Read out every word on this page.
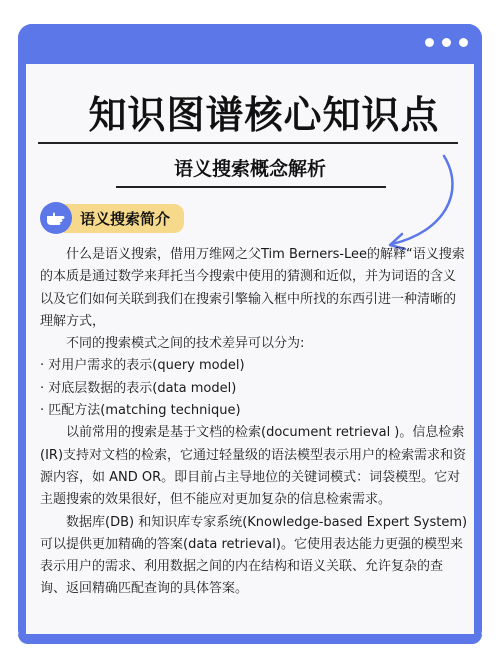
知识图谱核心知识点
语义搜索概念解析
语义搜索简介

什么是语义搜索，借用万维网之父Tim Berners-Lee的解释“语义搜索的本质是通过数学来拜托当今搜索中使用的猜测和近似，并为词语的含义以及它们如何关联到我们在搜索引擎输入框中所找的东西引进一种清晰的理解方式，

不同的搜索模式之间的技术差异可以分为:

· 对用户需求的表示(query model)

· 对底层数据的表示(data model)

· 匹配方法(matching technique)

以前常用的搜索是基于文档的检索(document retrieval )。信息检索(IR)支持对文档的检索，它通过轻量级的语法模型表示用户的检索需求和资源内容，如 AND OR。即目前占主导地位的关键词模式：词袋模型。它对主题搜索的效果很好，但不能应对更加复杂的信息检索需求。

数据库(DB) 和知识库专家系统(Knowledge-based Expert System)可以提供更加精确的答案(data retrieval)。它使用表达能力更强的模型来表示用户的需求、利用数据之间的内在结构和语义关联、允许复杂的查询、返回精确匹配查询的具体答案。
